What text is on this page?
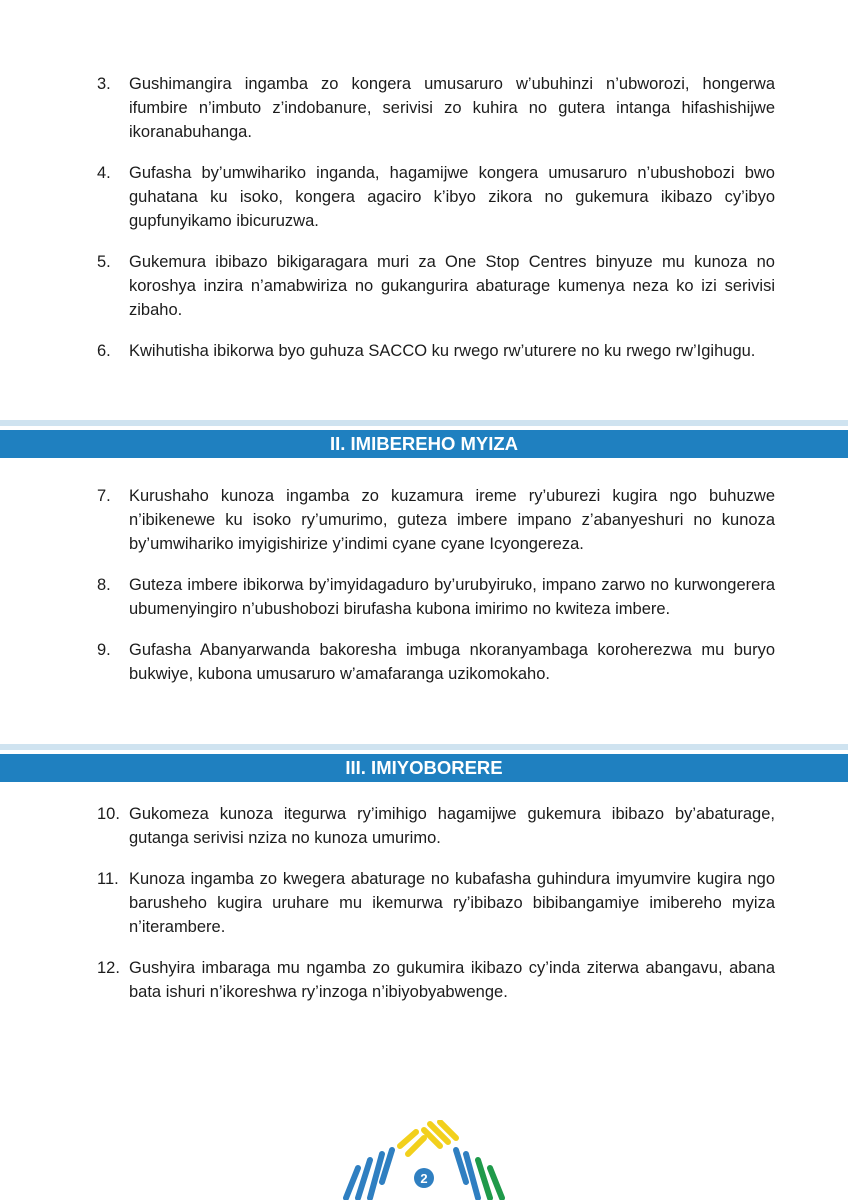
3.	Gushimangira ingamba zo kongera umusaruro w’ubuhinzi n’ubworozi, hongerwa ifumbire n’imbuto z’indobanure, serivisi zo kuhira no gutera intanga hifashishijwe ikoranabuhanga.
4.	Gufasha by’umwihariko inganda, hagamijwe kongera umusaruro n’ubushobozi bwo guhatana ku isoko, kongera agaciro k’ibyo zikora no gukemura ikibazo cy’ibyo gupfunyikamo ibicuruzwa.
5.	Gukemura ibibazo bikigaragara muri za One Stop Centres binyuze mu kunoza no koroshya inzira n’amabwiriza no gukangurira abaturage kumenya neza ko izi serivisi zibaho.
6.	Kwihutisha ibikorwa byo guhuza SACCO ku rwego rw’uturere no ku rwego rw’Igihugu.
II. IMIBEREHO MYIZA
7.	Kurushaho kunoza ingamba zo kuzamura ireme ry’uburezi kugira ngo buhuzwe n’ibikenewe ku isoko ry’umurimo, guteza imbere impano z’abanyeshuri no kunoza by’umwihariko imyigishirize y’indimi cyane cyane Icyongereza.
8.	Guteza imbere ibikorwa by’imyidagaduro by’urubyiruko, impano zarwo no kurwongerera ubumenyingiro n’ubushobozi birufasha kubona imirimo no kwiteza imbere.
9.	Gufasha Abanyarwanda bakoresha imbuga nkoranyambaga koroherezwa mu buryo bukwiye, kubona umusaruro w’amafaranga uzikomokaho.
III. IMIYOBORERE
10. Gukomeza kunoza itegurwa ry’imihigo hagamijwe gukemura ibibazo by’abaturage, gutanga serivisi nziza no kunoza umurimo.
11. Kunoza ingamba zo kwegera abaturage no kubafasha guhindura imyumvire kugira ngo barusheho kugira uruhare mu ikemurwa ry’ibibazo bibibangamiye imibereho myiza n’iterambere.
12. Gushyira imbaraga mu ngamba zo gukumira ikibazo cy’inda ziterwa abangavu, abana bata ishuri n’ikoreshwa ry’inzoga n’ibiyobyabwenge.
2
